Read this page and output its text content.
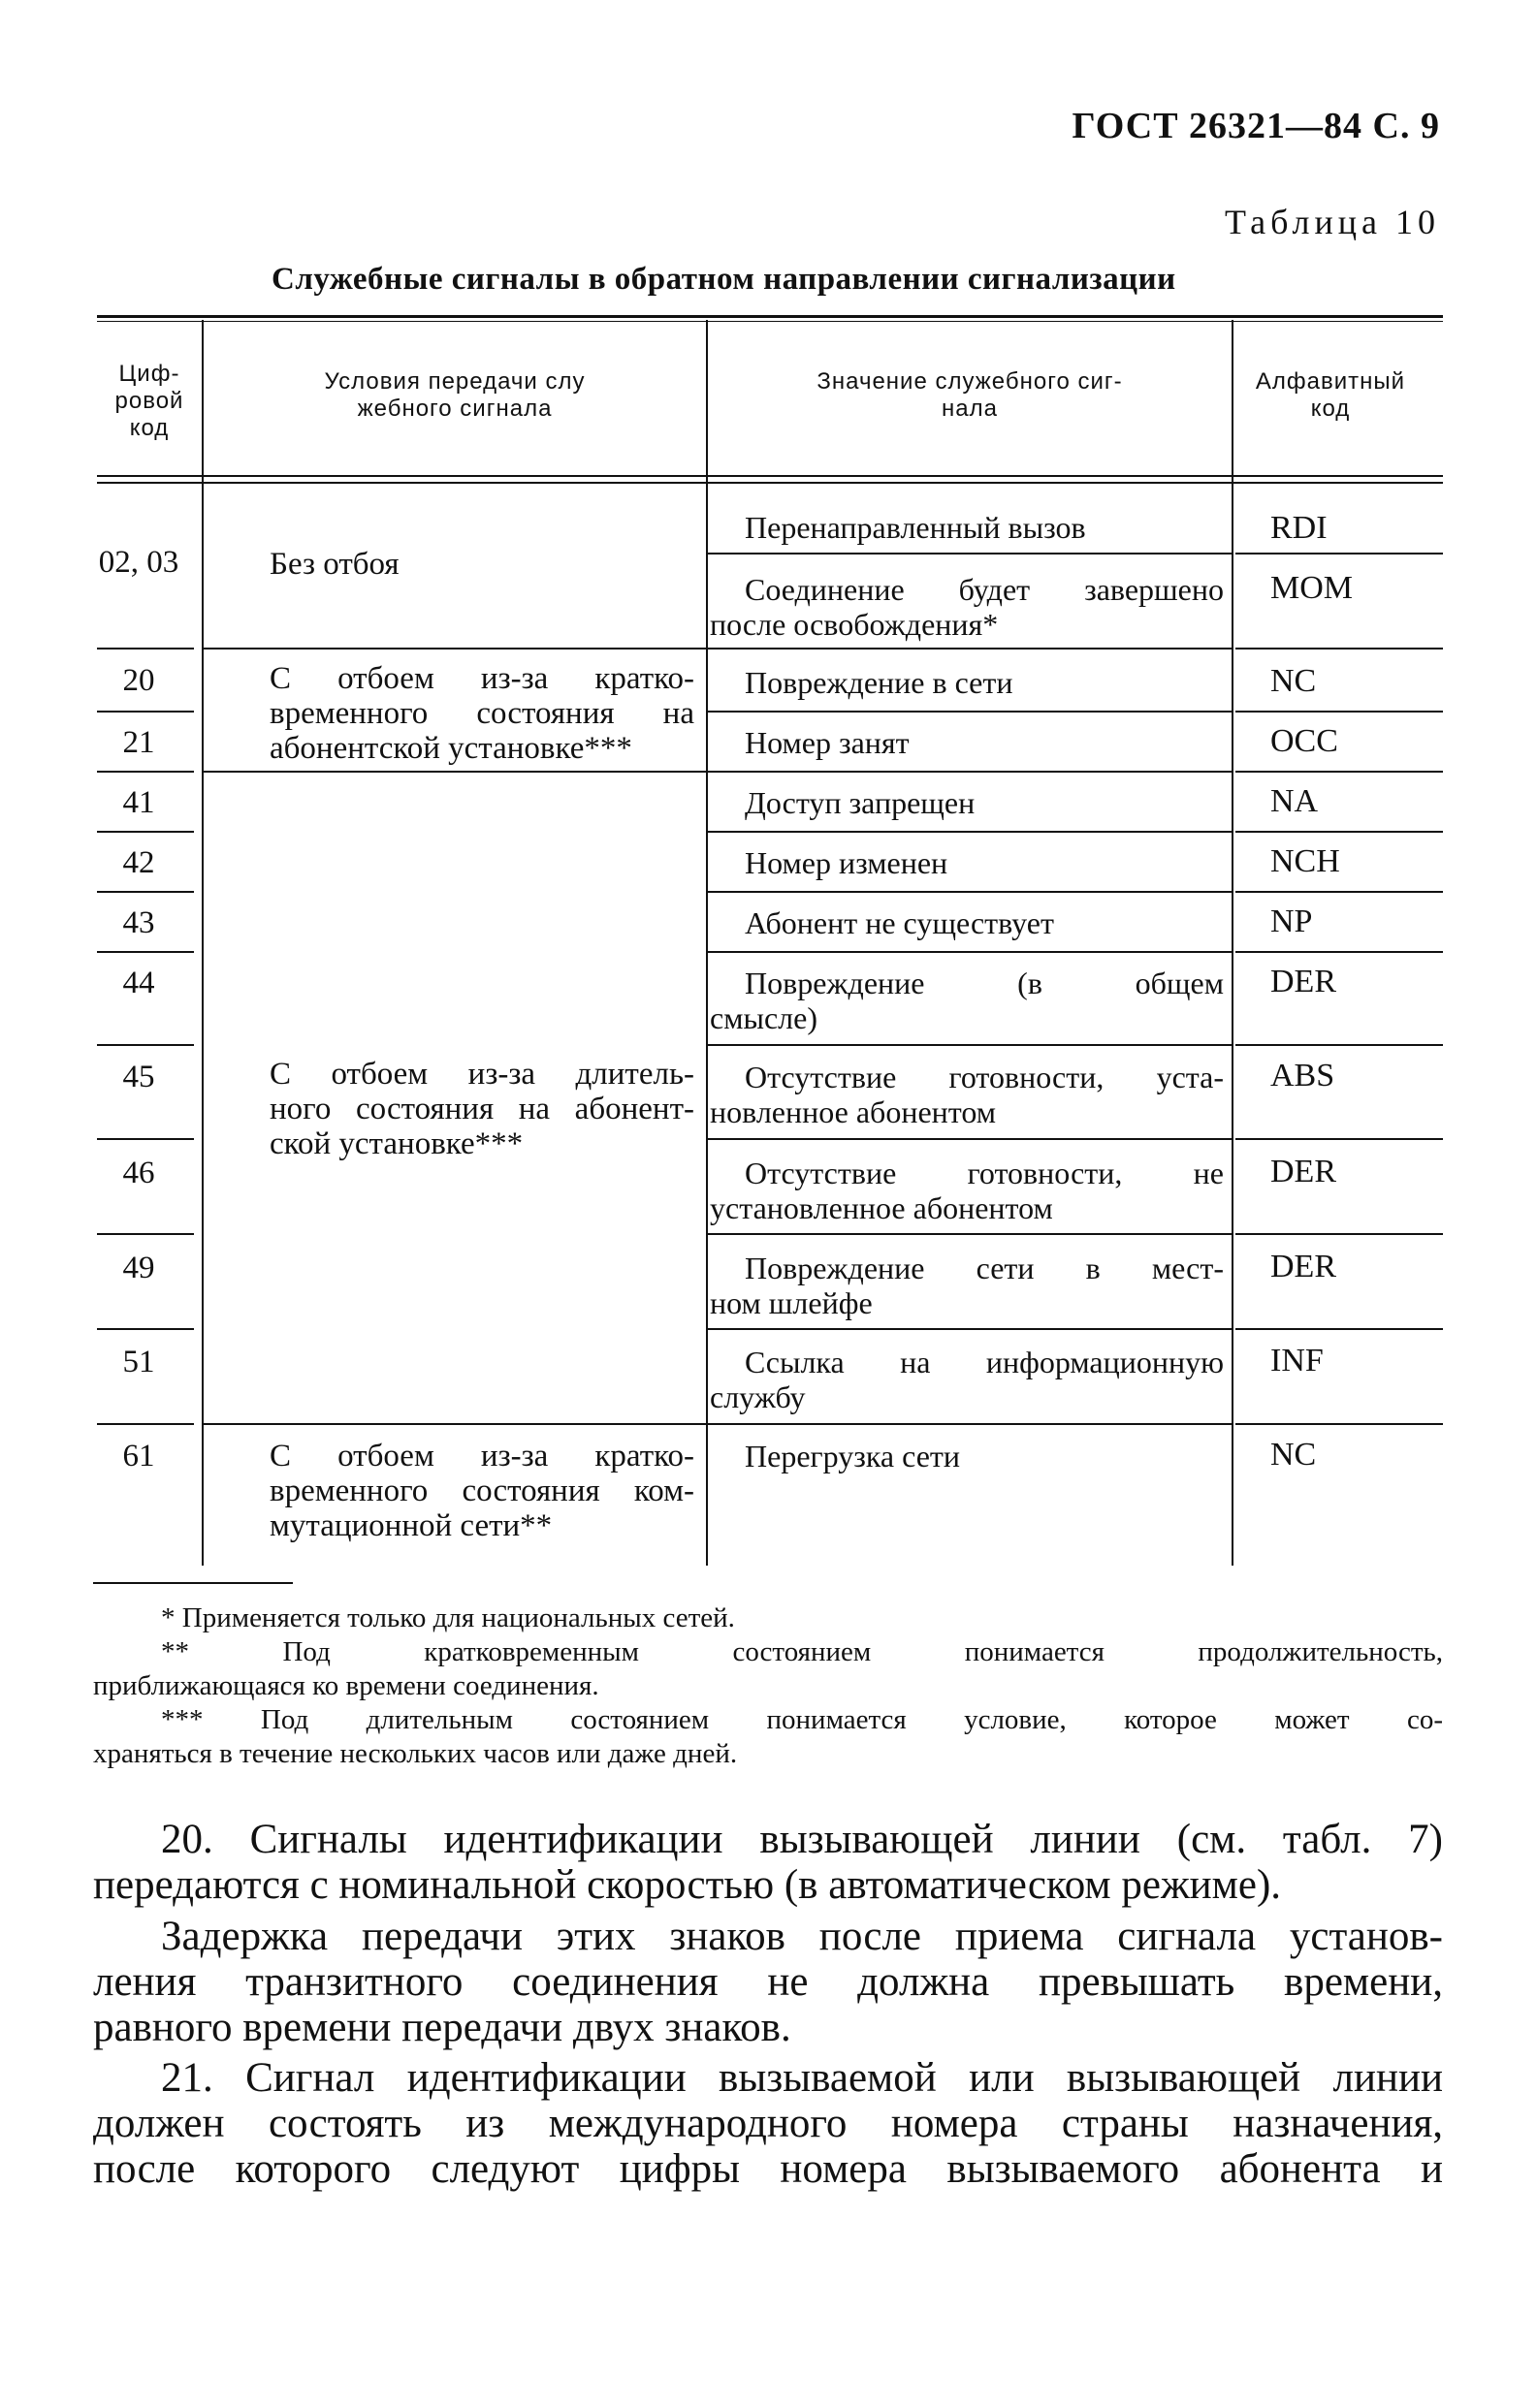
ГОСТ 26321—84 С. 9
Таблица 10
Служебные сигналы в обратном направлении сигнализации
Циф-
ровой
код
Условия передачи слу
жебного сигнала
Значение служебного сиг-
нала
Алфавитный
код
02, 03
20
21
41
42
43
44
45
46
49
51
61
Без отбоя
С отбоем из-за кратко-
временного состояния на
абонентской установке***
С отбоем из-за длитель-
ного состояния на абонент-
ской установке***
С отбоем из-за кратко-
временного состояния ком-
мутационной сети**
Перенаправленный вызов
Соединение будет завершено
после освобождения*
Повреждение в сети
Номер занят
Доступ запрещен
Номер изменен
Абонент не существует
Повреждение (в общем
смысле)
Отсутствие готовности, уста-
новленное абонентом
Отсутствие готовности, не
установленное абонентом
Повреждение сети в мест-
ном шлейфе
Ссылка на информационную
службу
Перегрузка сети
RDI
MOM
NC
OCC
NA
NCH
NP
DER
ABS
DER
DER
INF
NC
* Применяется только для национальных сетей.
** Под кратковременным состоянием понимается продолжительность,
приближающаяся ко времени соединения.
*** Под длительным состоянием понимается условие, которое может со-
храняться в течение нескольких часов или даже дней.
20. Сигналы идентификации вызывающей линии (см. табл. 7)
передаются с номинальной скоростью (в автоматическом режиме).
Задержка передачи этих знаков после приема сигнала установ-
ления транзитного соединения не должна превышать времени,
равного времени передачи двух знаков.
21. Сигнал идентификации вызываемой или вызывающей линии
должен состоять из международного номера страны назначения,
после которого следуют цифры номера вызываемого абонента и
